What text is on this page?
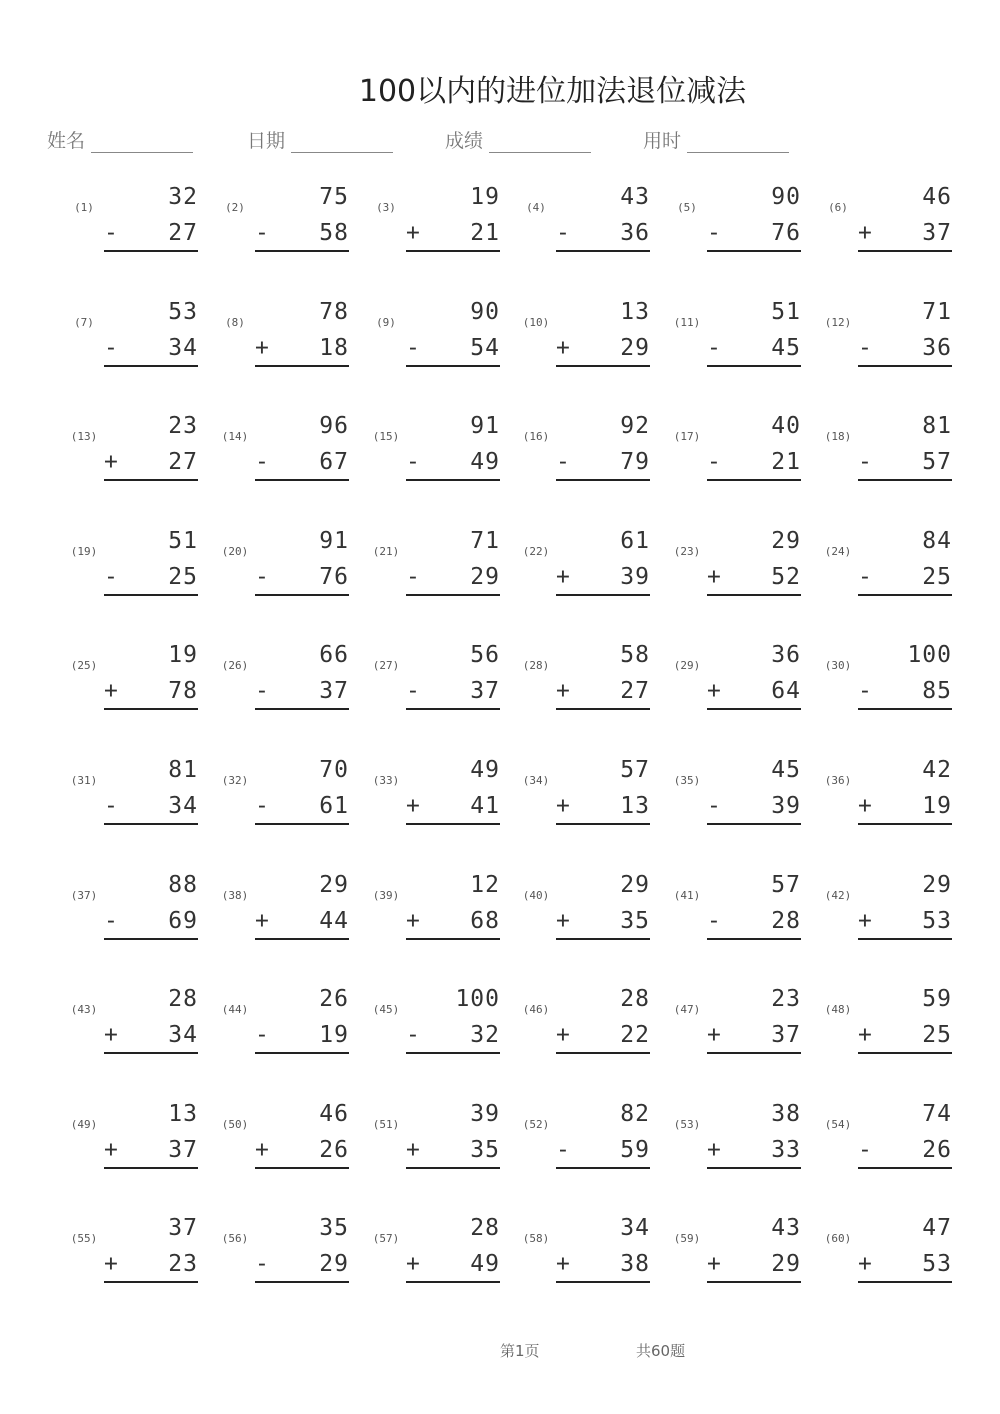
100以内的进位加法退位减法
姓名	日期	成绩	用时
(1)	32
- 27
(2)	75
- 58
(3)	19
+ 21
(4)	43
- 36
(5)	90
- 76
(6)	46
+ 37
(7)	53
- 34
(8)	78
+ 18
(9)	90
- 54
(10)	13
+ 29
(11)	51
- 45
(12)	71
- 36
(13)	23
+ 27
(14)	96
- 67
(15)	91
- 49
(16)	92
- 79
(17)	40
- 21
(18)	81
- 57
(19)	51
- 25
(20)	91
- 76
(21)	71
- 29
(22)	61
+ 39
(23)	29
+ 52
(24)	84
- 25
(25)	19
+ 78
(26)	66
- 37
(27)	56
- 37
(28)	58
+ 27
(29)	36
+ 64
(30) 100
- 85
(31)	81
- 34
(32)	70
- 61
(33)	49
+ 41
(34)	57
+ 13
(35)	45
- 39
(36)	42
+ 19
(37)	88
- 69
(38)	29
+ 44
(39)	12
+ 68
(40)	29
+ 35
(41)	57
- 28
(42)	29
+ 53
(43)	28
+ 34
(44)	26
- 19
(45) 100
- 32
(46)	28
+ 22
(47)	23
+ 37
(48)	59
+ 25
(49)	13
+ 37
(50)	46
+ 26
(51)	39
+ 35
(52)	82
- 59
(53)	38
+ 33
(54)	74
- 26
(55)	37
+ 23
(56)	35
- 29
(57)	28
+ 49
(58)	34
+ 38
(59)	43
+ 29
(60)	47
+ 53
第1页	共60题
